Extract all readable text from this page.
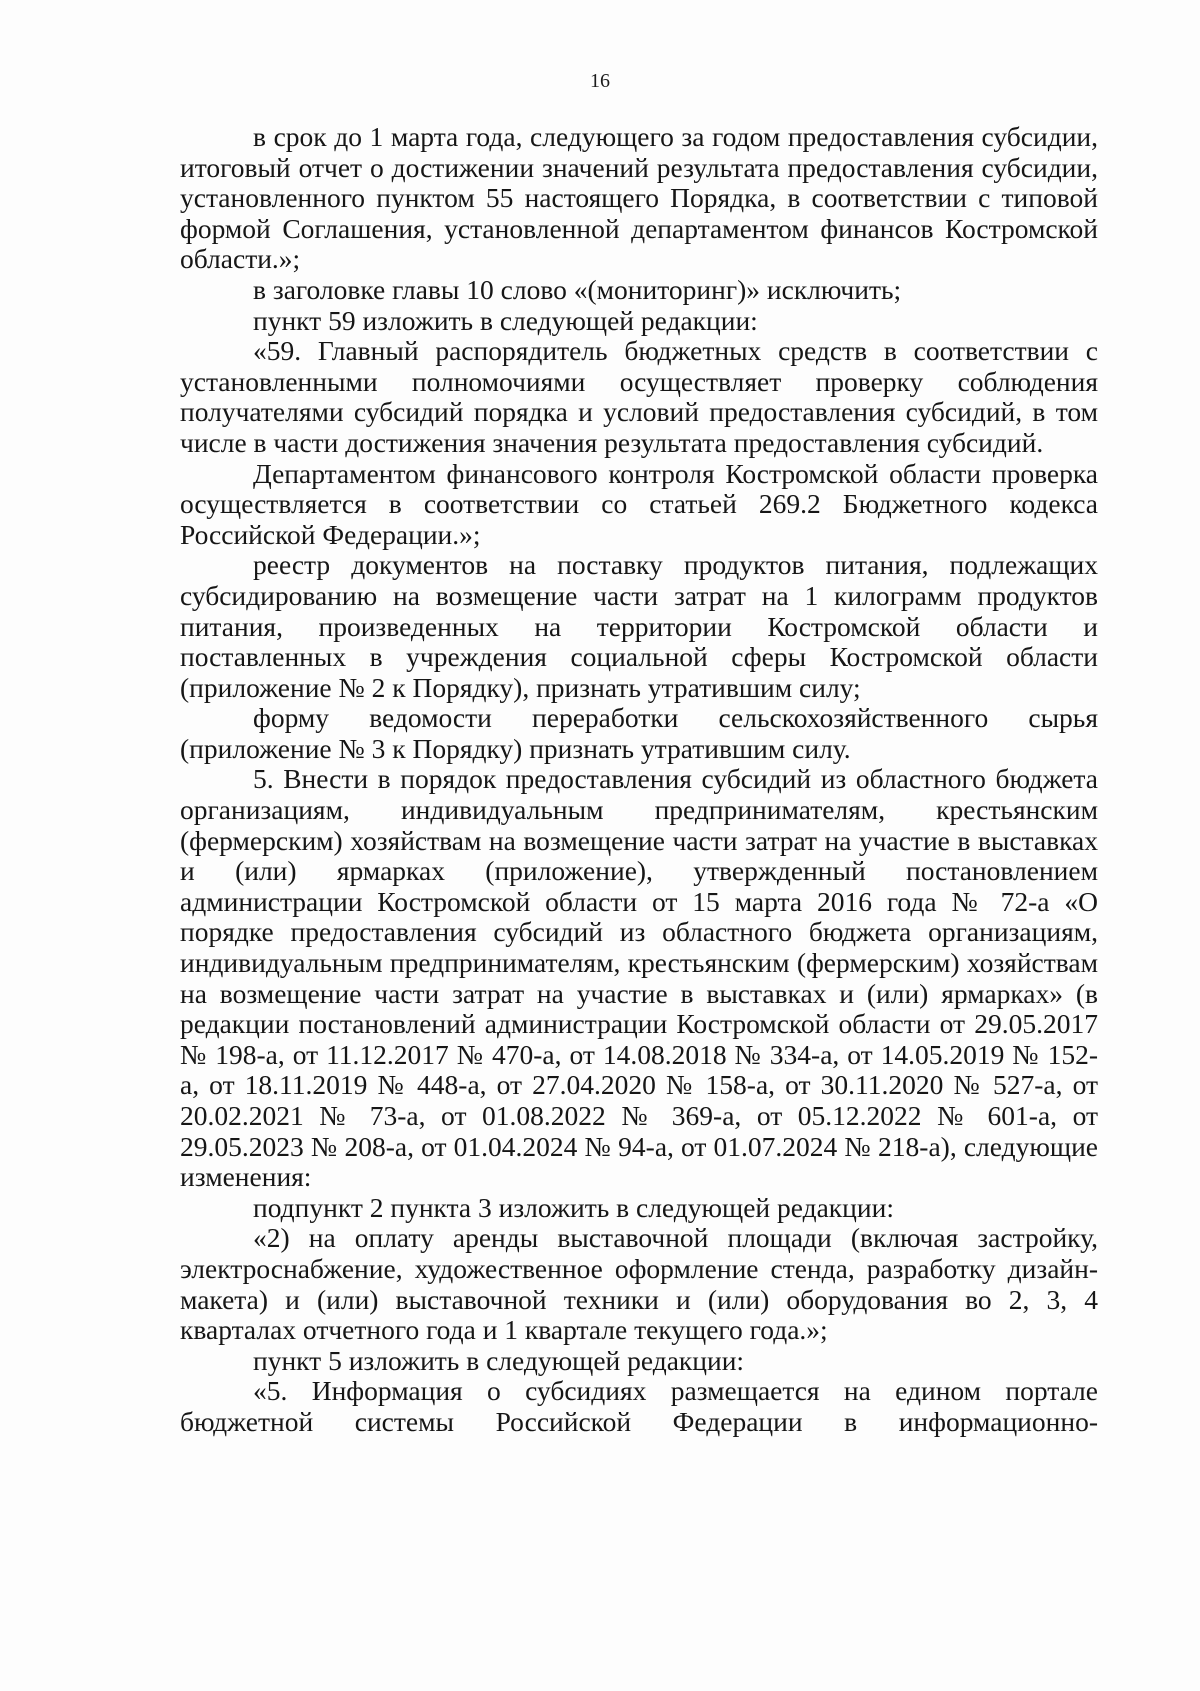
16

в срок до 1 марта года, следующего за годом предоставления субсидии, итоговый отчет о достижении значений результата предоставления субсидии, установленного пунктом 55 настоящего Порядка, в соответствии с типовой формой Соглашения, установленной департаментом финансов Костромской области.»;

в заголовке главы 10 слово «(мониторинг)» исключить;

пункт 59 изложить в следующей редакции:

«59. Главный распорядитель бюджетных средств в соответствии с установленными полномочиями осуществляет проверку соблюдения получателями субсидий порядка и условий предоставления субсидий, в том числе в части достижения значения результата предоставления субсидий.

Департаментом финансового контроля Костромской области проверка осуществляется в соответствии со статьей 269.2 Бюджетного кодекса Российской Федерации.»;

реестр документов на поставку продуктов питания, подлежащих субсидированию на возмещение части затрат на 1 килограмм продуктов питания, произведенных на территории Костромской области и поставленных в учреждения социальной сферы Костромской области (приложение № 2 к Порядку), признать утратившим силу;

форму ведомости переработки сельскохозяйственного сырья (приложение № 3 к Порядку) признать утратившим силу.

5. Внести в порядок предоставления субсидий из областного бюджета организациям, индивидуальным предпринимателям, крестьянским (фермерским) хозяйствам на возмещение части затрат на участие в выставках и (или) ярмарках (приложение), утвержденный постановлением администрации Костромской области от 15 марта 2016 года № 72-а «О порядке предоставления субсидий из областного бюджета организациям, индивидуальным предпринимателям, крестьянским (фермерским) хозяйствам на возмещение части затрат на участие в выставках и (или) ярмарках» (в редакции постановлений администрации Костромской области от 29.05.2017 № 198-а, от 11.12.2017 № 470-а, от 14.08.2018 № 334-а, от 14.05.2019 № 152-а, от 18.11.2019 № 448-а, от 27.04.2020 № 158-а, от 30.11.2020 № 527-а, от 20.02.2021 № 73-а, от 01.08.2022 № 369-а, от 05.12.2022 № 601-а, от 29.05.2023 № 208-а, от 01.04.2024 № 94-а, от 01.07.2024 № 218-а), следующие изменения:

подпункт 2 пункта 3 изложить в следующей редакции:

«2) на оплату аренды выставочной площади (включая застройку, электроснабжение, художественное оформление стенда, разработку дизайн-макета) и (или) выставочной техники и (или) оборудования во 2, 3, 4 кварталах отчетного года и 1 квартале текущего года.»;

пункт 5 изложить в следующей редакции:

«5. Информация о субсидиях размещается на едином портале бюджетной системы Российской Федерации в информационно-
